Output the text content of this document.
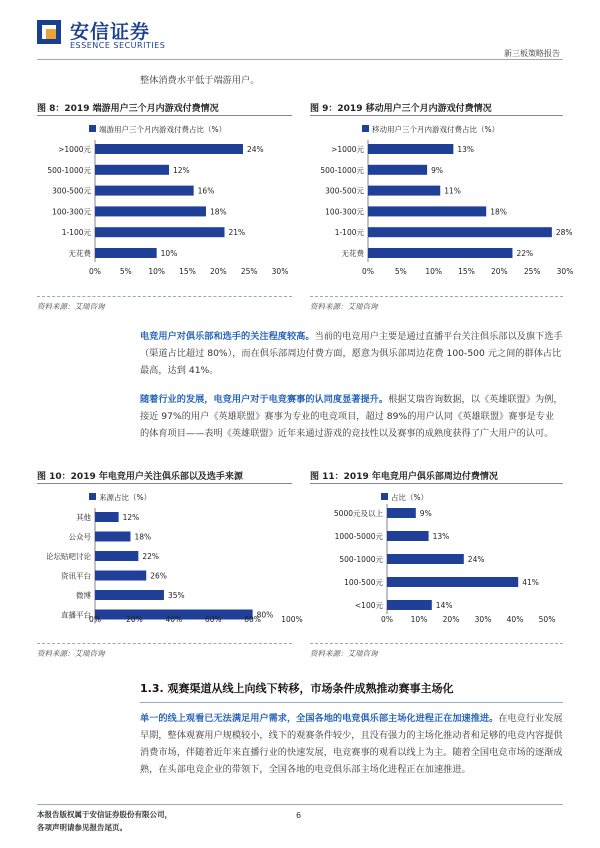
安信证券
ESSENCE SECURITIES
新三板策略报告
整体消费水平低于端游用户。
图 8：2019 端游用户三个月内游戏付费情况
端游用户三个月内游戏付费占比（%）
>1000元	24%
500-1000元	12%
300-500元	16%
100-300元	18%
1-100元	21%
无花费	10%
0%	5% 10% 15% 20% 25% 30%
资料来源：艾瑞咨询
图 9：2019 移动用户三个月内游戏付费情况
移动用户三个月内游戏付费占比（%）
>1000元	13%
500-1000元	9%
300-500元	11%
100-300元	18%
1-100元	28%
无花费	22%
0%	5% 10% 15% 20% 25% 30%
资料来源：艾瑞咨询
电竞用户对俱乐部和选手的关注程度较高。当前的电竞用户主要是通过直播平台关注俱乐部以及旗下选手（渠道占比超过 80%），而在俱乐部周边付费方面，愿意为俱乐部周边花费 100-500 元之间的群体占比最高，达到 41%。
随着行业的发展，电竞用户对于电竞赛事的认同度显著提升。根据艾瑞咨询数据，以《英雄联盟》为例，接近 97%的用户《英雄联盟》赛事为专业的电竞项目，超过 89%的用户认同《英雄联盟》赛事是专业的体育项目——表明《英雄联盟》近年来通过游戏的竞技性以及赛事的成熟度获得了广大用户的认可。
图 10：2019 年电竞用户关注俱乐部以及选手来源
来源占比（%）
其他	12%
公众号	18%
论坛贴吧讨论	22%
资讯平台	26%
微博	35%
直播平台	80%
0%	20%	40%	60%	80%	100%
资料来源：艾瑞咨询
图 11：2019 年电竞用户俱乐部周边付费情况
占比（%）
5000元及以上	9%
1000-5000元	13%
500-1000元	24%
100-500元	41%
<100元	14%
0% 10% 20% 30% 40% 50%
资料来源：艾瑞咨询
1.3. 观赛渠道从线上向线下转移，市场条件成熟推动赛事主场化
单一的线上观看已无法满足用户需求，全国各地的电竞俱乐部主场化进程正在加速推进。在电竞行业发展早期，整体观赛用户规模较小，线下的观赛条件较少，且没有强力的主场化推动者和足够的电竞内容提供消费市场，伴随着近年来直播行业的快速发展，电竞赛事的观看以线上为主。随着全国电竞市场的逐渐成熟，在头部电竞企业的带领下，全国各地的电竞俱乐部主场化进程正在加速推进。
本报告版权属于安信证券股份有限公司，
各项声明请参见报告尾页。
6
